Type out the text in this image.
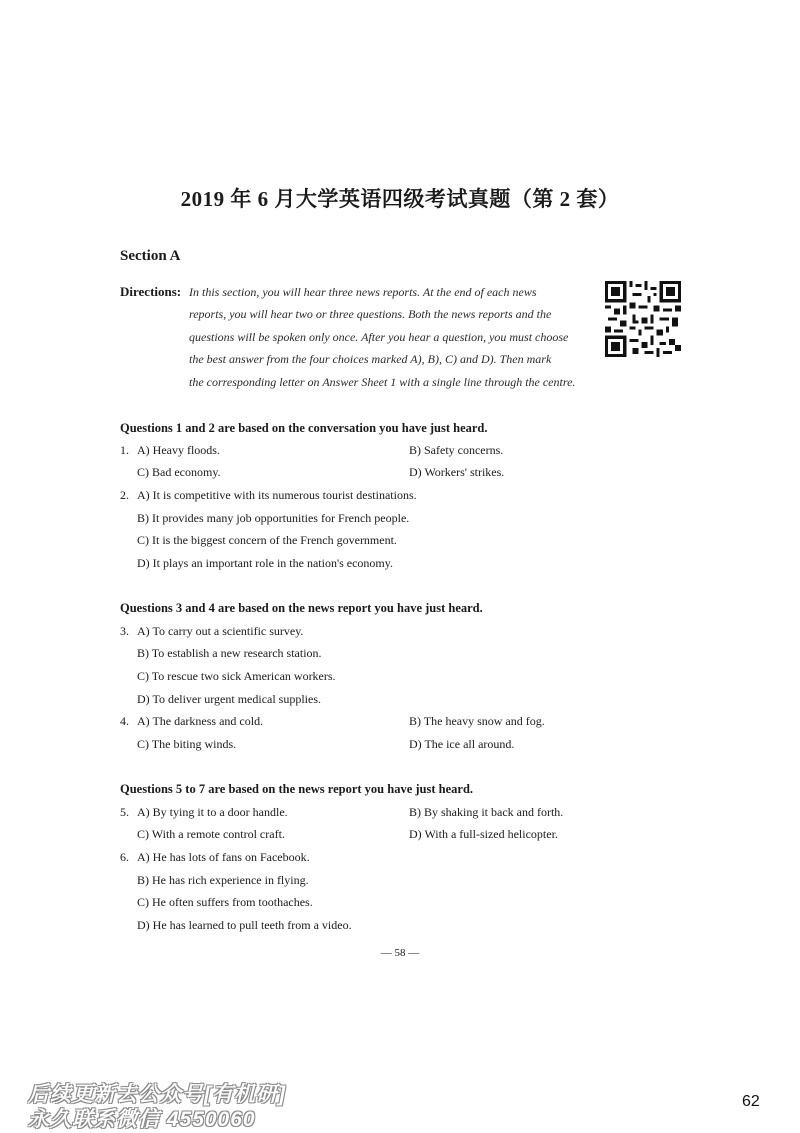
2019 年 6 月大学英语四级考试真题（第 2 套）
Section A
Directions: In this section, you will hear three news reports. At the end of each news
reports, you will hear two or three questions. Both the news reports and the
questions will be spoken only once. After you hear a question, you must choose
the best answer from the four choices marked A), B), C) and D). Then mark
the corresponding letter on Answer Sheet 1 with a single line through the centre.
Questions 1 and 2 are based on the conversation you have just heard.
1. A) Heavy floods.	B) Safety concerns.
C) Bad economy.	D) Workers' strikes.
2. A) It is competitive with its numerous tourist destinations.
B) It provides many job opportunities for French people.
C) It is the biggest concern of the French government.
D) It plays an important role in the nation's economy.
Questions 3 and 4 are based on the news report you have just heard.
3. A) To carry out a scientific survey.
B) To establish a new research station.
C) To rescue two sick American workers.
D) To deliver urgent medical supplies.
4. A) The darkness and cold.	B) The heavy snow and fog.
C) The biting winds.	D) The ice all around.
Questions 5 to 7 are based on the news report you have just heard.
5. A) By tying it to a door handle.	B) By shaking it back and forth.
C) With a remote control craft.	D) With a full-sized helicopter.
6. A) He has lots of fans on Facebook.
B) He has rich experience in flying.
C) He often suffers from toothaches.
D) He has learned to pull teeth from a video.
— 58 —
后续更新去公众号[有机研]
永久联系微信 4550060
62
